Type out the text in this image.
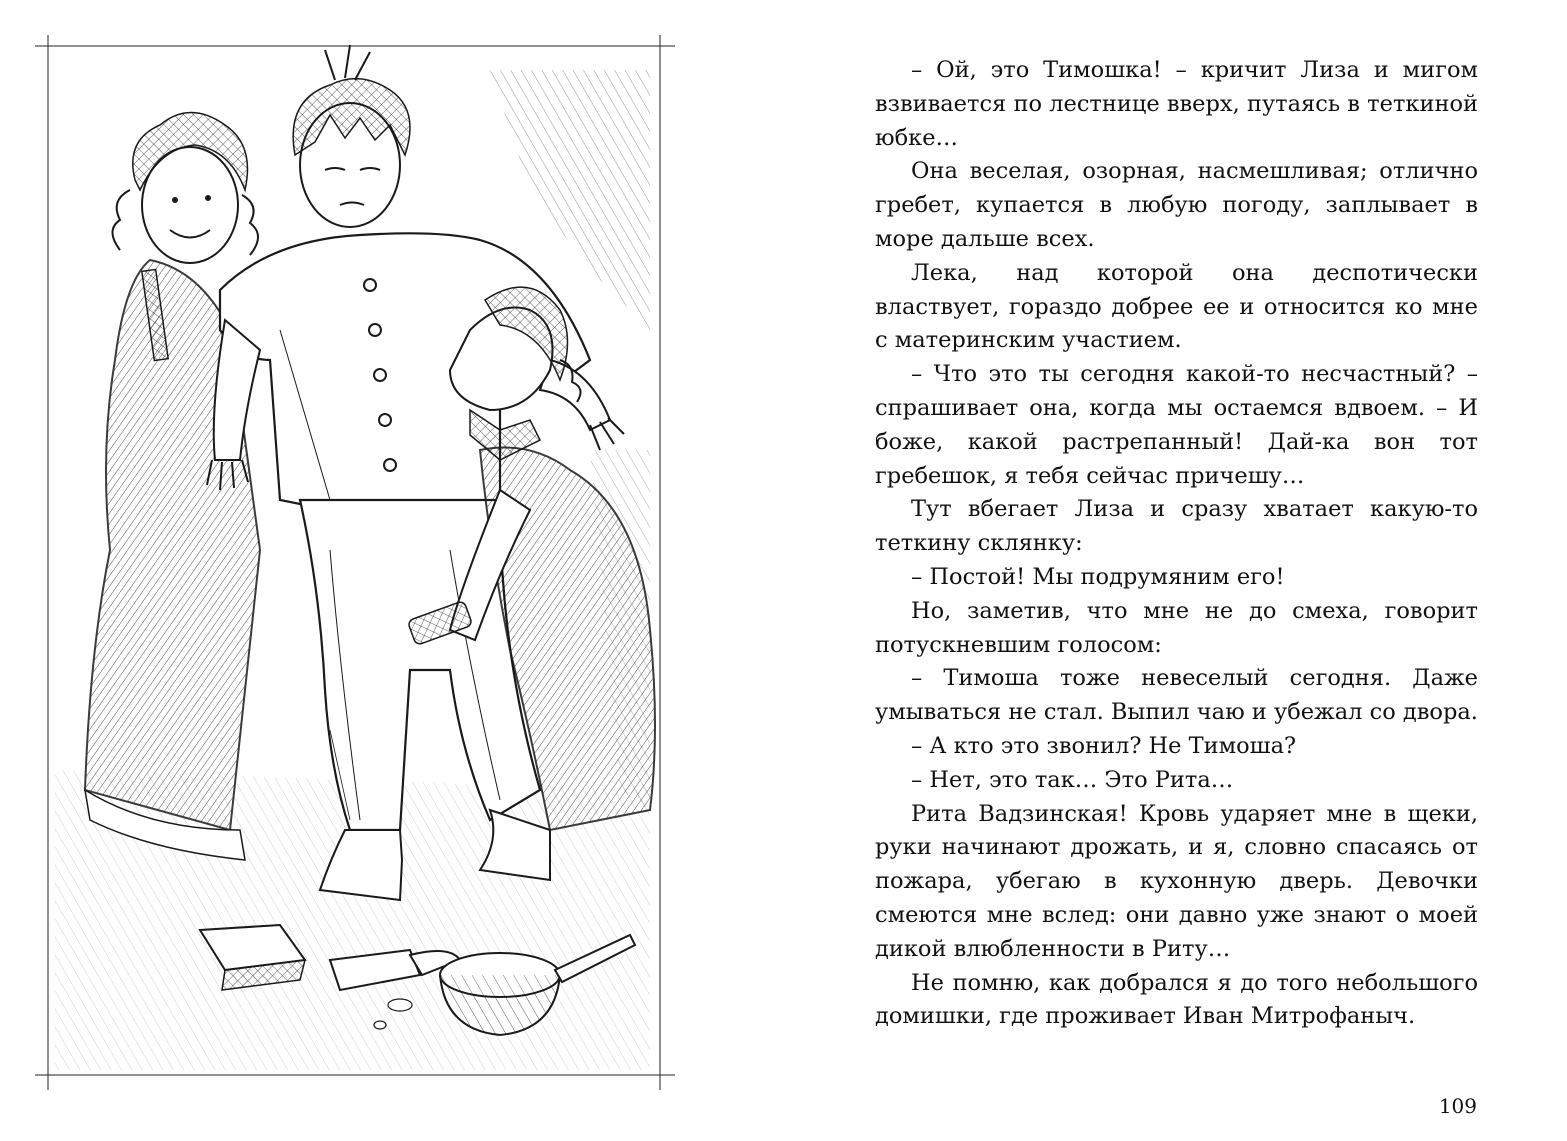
– Ой, это Тимошка! – кричит Лиза и мигом взвивается по лестнице вверх, путаясь в теткиной юбке…

Она веселая, озорная, насмешливая; отлично гребет, купается в любую погоду, заплывает в море дальше всех.

Лека, над которой она деспотически властвует, гораздо добрее ее и относится ко мне с материнским участием.

– Что это ты сегодня какой-то несчастный? – спрашивает она, когда мы остаемся вдвоем. – И боже, какой растрепанный! Дай-ка вон тот гребешок, я тебя сейчас причешу…

Тут вбегает Лиза и сразу хватает какую-то теткину склянку:

– Постой! Мы подрумяним его!

Но, заметив, что мне не до смеха, говорит потускневшим голосом:

– Тимоша тоже невеселый сегодня. Даже умываться не стал. Выпил чаю и убежал со двора.

– А кто это звонил? Не Тимоша?

– Нет, это так… Это Рита…

Рита Вадзинская! Кровь ударяет мне в щеки, руки начинают дрожать, и я, словно спасаясь от пожара, убегаю в кухонную дверь. Девочки смеются мне вслед: они давно уже знают о моей дикой влюбленности в Риту…

Не помню, как добрался я до того небольшого домишки, где проживает Иван Митрофаныч.

109
